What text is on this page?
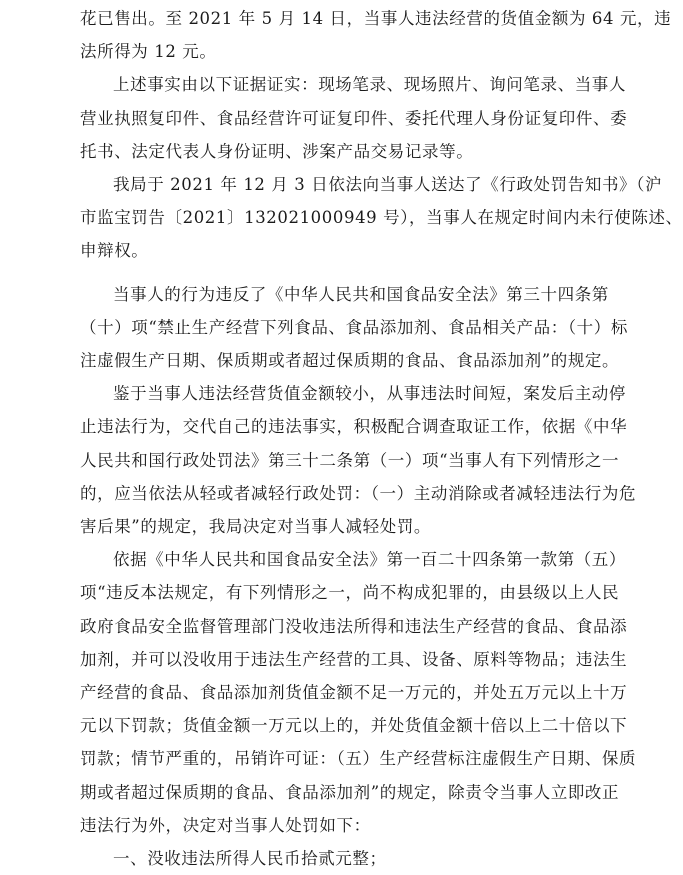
花已售出。至 2021 年 5 月 14 日，当事人违法经营的货值金额为 64 元，违
法所得为 12 元。
上述事实由以下证据证实：现场笔录、现场照片、询问笔录、当事人
营业执照复印件、食品经营许可证复印件、委托代理人身份证复印件、委
托书、法定代表人身份证明、涉案产品交易记录等。
我局于 2021 年 12 月 3 日依法向当事人送达了《行政处罚告知书》（沪
市监宝罚告〔2021〕132021000949 号），当事人在规定时间内未行使陈述、
申辩权。
当事人的行为违反了《中华人民共和国食品安全法》第三十四条第
（十）项“禁止生产经营下列食品、食品添加剂、食品相关产品：（十）标
注虚假生产日期、保质期或者超过保质期的食品、食品添加剂”的规定。
鉴于当事人违法经营货值金额较小，从事违法时间短，案发后主动停
止违法行为，交代自己的违法事实，积极配合调查取证工作，依据《中华
人民共和国行政处罚法》第三十二条第（一）项“当事人有下列情形之一
的，应当依法从轻或者减轻行政处罚：（一）主动消除或者减轻违法行为危
害后果”的规定，我局决定对当事人减轻处罚。
依据《中华人民共和国食品安全法》第一百二十四条第一款第（五）
项“违反本法规定，有下列情形之一，尚不构成犯罪的，由县级以上人民
政府食品安全监督管理部门没收违法所得和违法生产经营的食品、食品添
加剂，并可以没收用于违法生产经营的工具、设备、原料等物品；违法生
产经营的食品、食品添加剂货值金额不足一万元的，并处五万元以上十万
元以下罚款；货值金额一万元以上的，并处货值金额十倍以上二十倍以下
罚款；情节严重的，吊销许可证：（五）生产经营标注虚假生产日期、保质
期或者超过保质期的食品、食品添加剂”的规定，除责令当事人立即改正
违法行为外，决定对当事人处罚如下：
一、没收违法所得人民币拾贰元整；
